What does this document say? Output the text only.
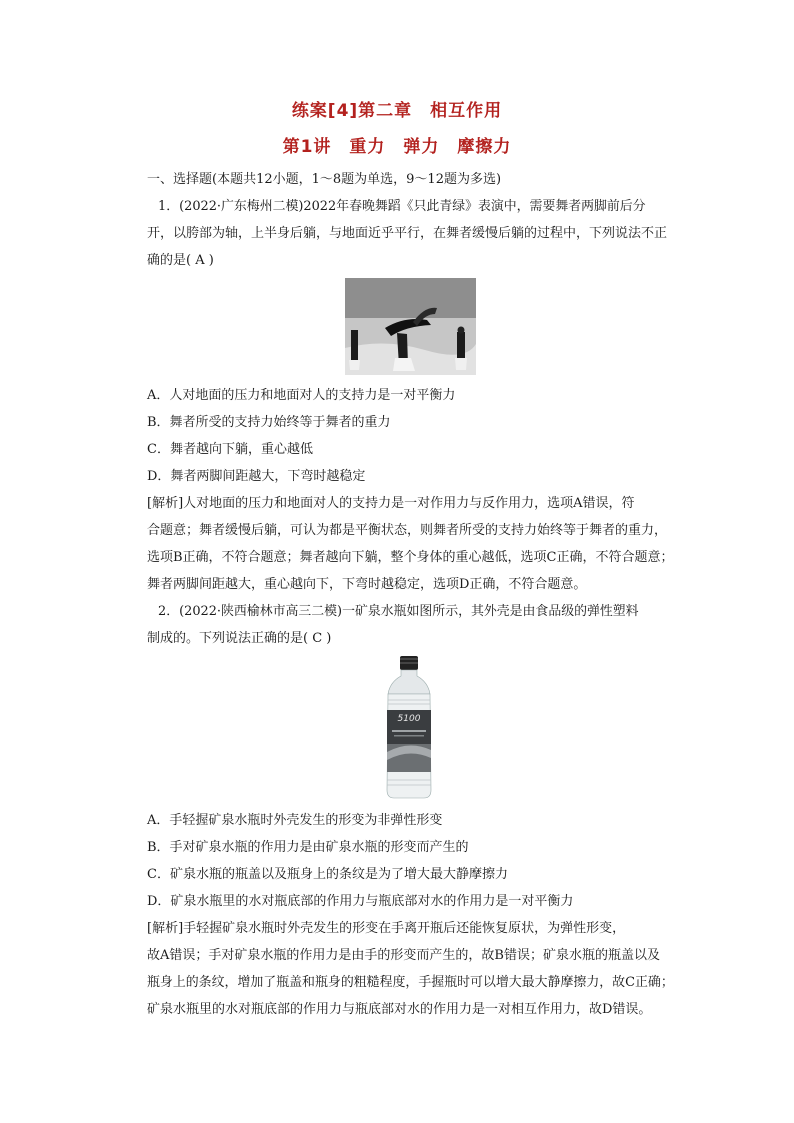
练案[4]第二章　相互作用
第1讲　重力　弹力　摩擦力
一、选择题(本题共12小题，1～8题为单选，9～12题为多选)
1．(2022·广东梅州二模)2022年春晚舞蹈《只此青绿》表演中，需要舞者两脚前后分
开，以胯部为轴，上半身后躺，与地面近乎平行，在舞者缓慢后躺的过程中，下列说法不正
确的是( A )
A．人对地面的压力和地面对人的支持力是一对平衡力
B．舞者所受的支持力始终等于舞者的重力
C．舞者越向下躺，重心越低
D．舞者两脚间距越大，下弯时越稳定
[解析]人对地面的压力和地面对人的支持力是一对作用力与反作用力，选项A错误，符
合题意；舞者缓慢后躺，可认为都是平衡状态，则舞者所受的支持力始终等于舞者的重力，
选项B正确，不符合题意；舞者越向下躺，整个身体的重心越低，选项C正确，不符合题意；
舞者两脚间距越大，重心越向下，下弯时越稳定，选项D正确，不符合题意。
2．(2022·陕西榆林市高三二模)一矿泉水瓶如图所示，其外壳是由食品级的弹性塑料
制成的。下列说法正确的是( C )
5100
A．手轻握矿泉水瓶时外壳发生的形变为非弹性形变
B．手对矿泉水瓶的作用力是由矿泉水瓶的形变而产生的
C．矿泉水瓶的瓶盖以及瓶身上的条纹是为了增大最大静摩擦力
D．矿泉水瓶里的水对瓶底部的作用力与瓶底部对水的作用力是一对平衡力
[解析]手轻握矿泉水瓶时外壳发生的形变在手离开瓶后还能恢复原状，为弹性形变，
故A错误；手对矿泉水瓶的作用力是由手的形变而产生的，故B错误；矿泉水瓶的瓶盖以及
瓶身上的条纹，增加了瓶盖和瓶身的粗糙程度，手握瓶时可以增大最大静摩擦力，故C正确；
矿泉水瓶里的水对瓶底部的作用力与瓶底部对水的作用力是一对相互作用力，故D错误。
